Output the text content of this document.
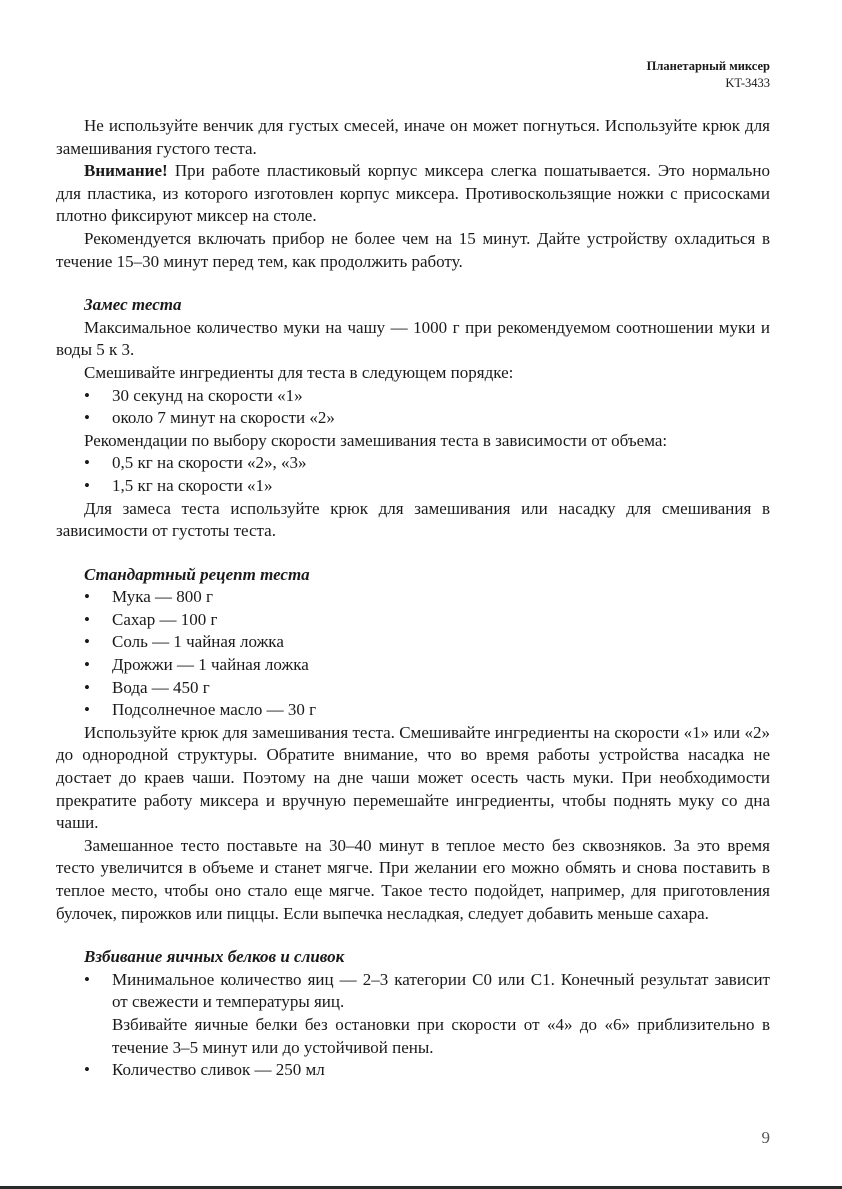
Планетарный миксер
KT-3433

Не используйте венчик для густых смесей, иначе он может погнуться. Используйте крюк для замешивания густого теста.

Внимание! При работе пластиковый корпус миксера слегка пошатывается. Это нормально для пластика, из которого изготовлен корпус миксера. Противоскользящие ножки с присосками плотно фиксируют миксер на столе.

Рекомендуется включать прибор не более чем на 15 минут. Дайте устройству охладиться в течение 15–30 минут перед тем, как продолжить работу.

Замес теста

Максимальное количество муки на чашу — 1000 г при рекомендуемом соотношении муки и воды 5 к 3.

Смешивайте ингредиенты для теста в следующем порядке:

• 30 секунд на скорости «1»
• около 7 минут на скорости «2»

Рекомендации по выбору скорости замешивания теста в зависимости от объема:

• 0,5 кг на скорости «2», «3»
• 1,5 кг на скорости «1»

Для замеса теста используйте крюк для замешивания или насадку для смешивания в зависимости от густоты теста.

Стандартный рецепт теста
• Мука — 800 г
• Сахар — 100 г
• Соль — 1 чайная ложка
• Дрожжи — 1 чайная ложка
• Вода — 450 г
• Подсолнечное масло — 30 г

Используйте крюк для замешивания теста. Смешивайте ингредиенты на скорости «1» или «2» до однородной структуры. Обратите внимание, что во время работы устройства насадка не достает до краев чаши. Поэтому на дне чаши может осесть часть муки. При необходимости прекратите работу миксера и вручную перемешайте ингредиенты, чтобы поднять муку со дна чаши.

Замешанное тесто поставьте на 30–40 минут в теплое место без сквозняков. За это время тесто увеличится в объеме и станет мягче. При желании его можно обмять и снова поставить в теплое место, чтобы оно стало еще мягче. Такое тесто подойдет, например, для приготовления булочек, пирожков или пиццы. Если выпечка несладкая, следует добавить меньше сахара.

Взбивание яичных белков и сливок
• Минимальное количество яиц — 2–3 категории С0 или С1. Конечный результат зависит от свежести и температуры яиц.
Взбивайте яичные белки без остановки при скорости от «4» до «6» приблизительно в течение 3–5 минут или до устойчивой пены.
• Количество сливок — 250 мл
9
